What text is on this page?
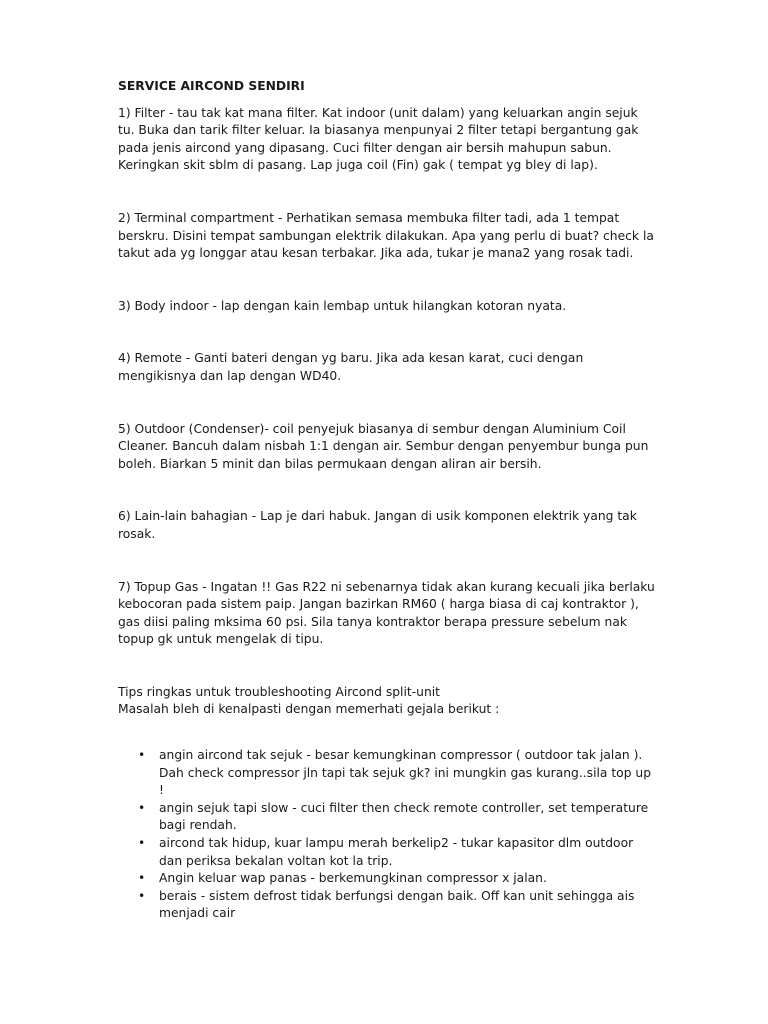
SERVICE AIRCOND SENDIRI

1) Filter - tau tak kat mana filter. Kat indoor (unit dalam) yang keluarkan angin sejuk tu. Buka dan tarik filter keluar. Ia biasanya menpunyai 2 filter tetapi bergantung gak pada jenis aircond yang dipasang. Cuci filter dengan air bersih mahupun sabun. Keringkan skit sblm di pasang. Lap juga coil (Fin) gak ( tempat yg bley di lap).

2) Terminal compartment - Perhatikan semasa membuka filter tadi, ada 1 tempat berskru. Disini tempat sambungan elektrik dilakukan. Apa yang perlu di buat? check la takut ada yg longgar atau kesan terbakar. Jika ada, tukar je mana2 yang rosak tadi.

3) Body indoor - lap dengan kain lembap untuk hilangkan kotoran nyata.

4) Remote - Ganti bateri dengan yg baru. Jika ada kesan karat, cuci dengan mengikisnya dan lap dengan WD40.

5) Outdoor (Condenser)- coil penyejuk biasanya di sembur dengan Aluminium Coil Cleaner. Bancuh dalam nisbah 1:1 dengan air. Sembur dengan penyembur bunga pun boleh. Biarkan 5 minit dan bilas permukaan dengan aliran air bersih.

6) Lain-lain bahagian - Lap je dari habuk. Jangan di usik komponen elektrik yang tak rosak.

7) Topup Gas - Ingatan !! Gas R22 ni sebenarnya tidak akan kurang kecuali jika berlaku kebocoran pada sistem paip. Jangan bazirkan RM60 ( harga biasa di caj kontraktor ), gas diisi paling mksima 60 psi. Sila tanya kontraktor berapa pressure sebelum nak topup gk untuk mengelak di tipu.

Tips ringkas untuk troubleshooting Aircond split-unit

Masalah bleh di kenalpasti dengan memerhati gejala berikut :

• angin aircond tak sejuk - besar kemungkinan compressor ( outdoor tak jalan ). Dah check compressor jln tapi tak sejuk gk? ini mungkin gas kurang..sila top up !
• angin sejuk tapi slow - cuci filter then check remote controller, set temperature bagi rendah.
• aircond tak hidup, kuar lampu merah berkelip2 - tukar kapasitor dlm outdoor dan periksa bekalan voltan kot la trip.
• Angin keluar wap panas - berkemungkinan compressor x jalan.
• berais - sistem defrost tidak berfungsi dengan baik. Off kan unit sehingga ais menjadi cair
